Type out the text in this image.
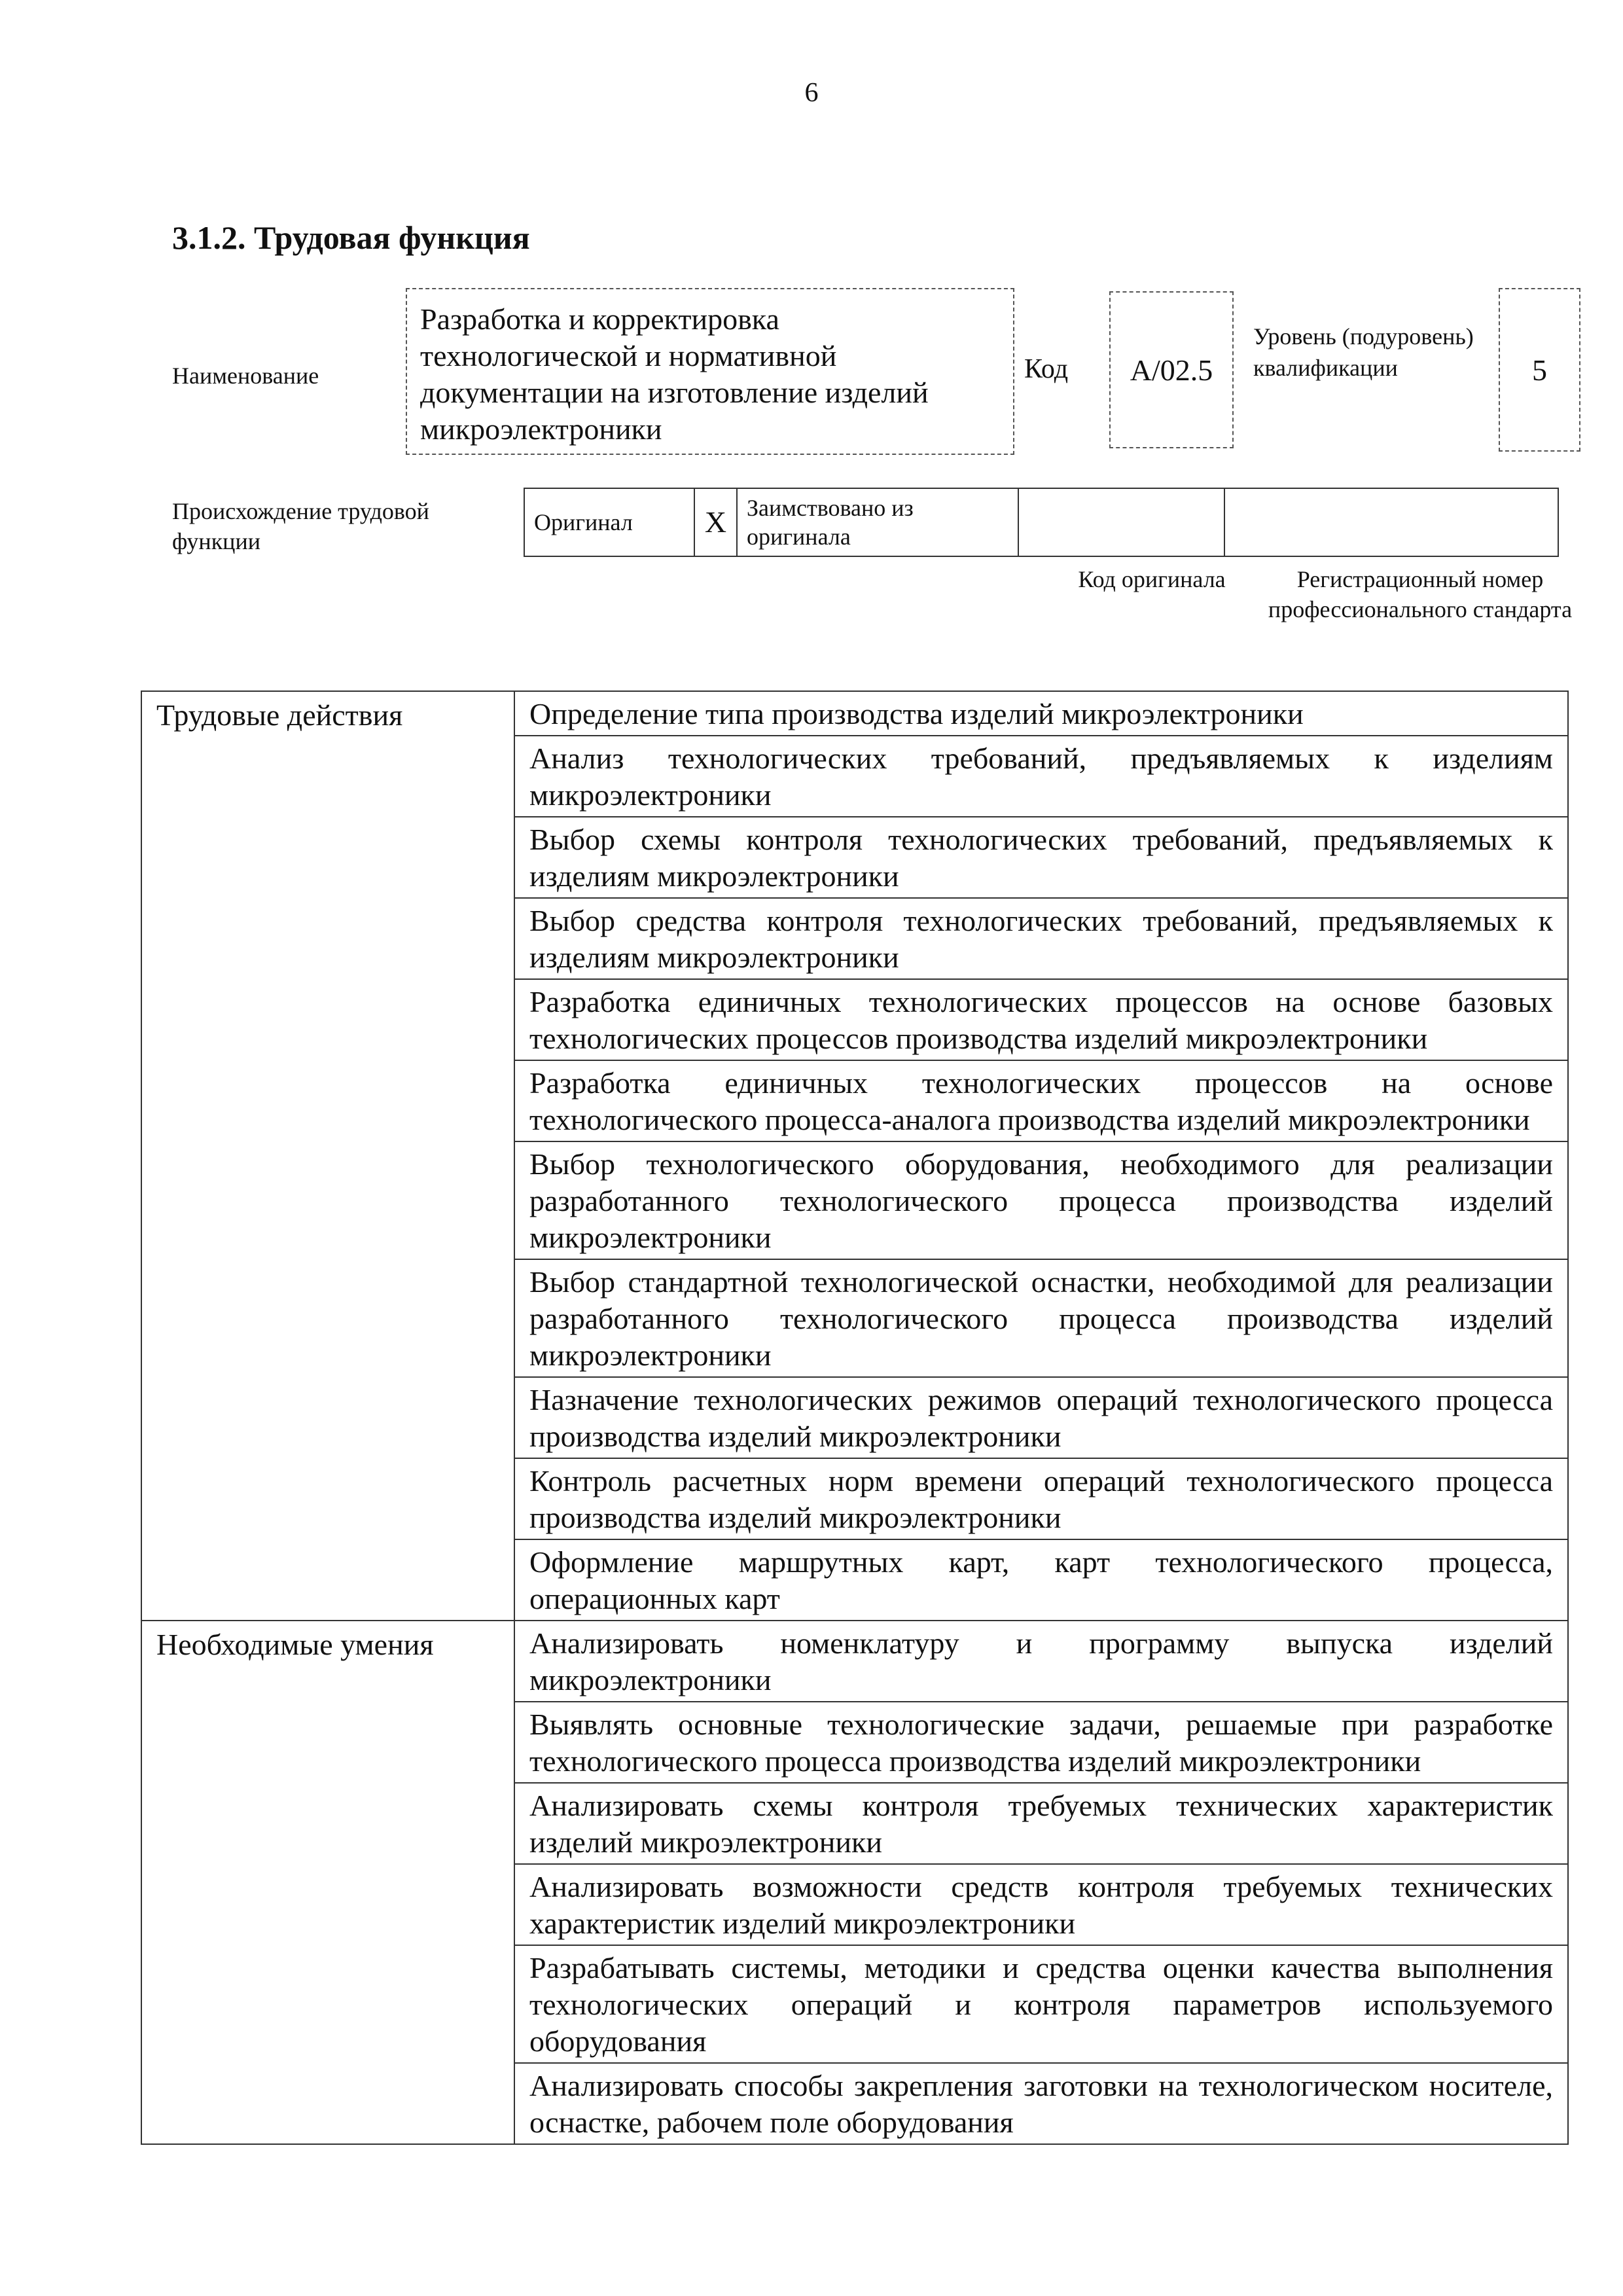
6
3.1.2. Трудовая функция
Наименование
Разработка и корректировка технологической и нормативной документации на изготовление изделий микроэлектроники
Код	A/02.5
Уровень (подуровень) квалификации	5
Происхождение трудовой функции
Оригинал	X	Заимствовано из оригинала		
Код оригинала	Регистрационный номер профессионального стандарта
Трудовые действия	Определение типа производства изделий микроэлектроники
	Анализ технологических требований, предъявляемых к изделиям микроэлектроники
	Выбор схемы контроля технологических требований, предъявляемых к изделиям микроэлектроники
	Выбор средства контроля технологических требований, предъявляемых к изделиям микроэлектроники
	Разработка единичных технологических процессов на основе базовых технологических процессов производства изделий микроэлектроники
	Разработка единичных технологических процессов на основе технологического процесса-аналога производства изделий микроэлектроники
	Выбор технологического оборудования, необходимого для реализации разработанного технологического процесса производства изделий микроэлектроники
	Выбор стандартной технологической оснастки, необходимой для реализации разработанного технологического процесса производства изделий микроэлектроники
	Назначение технологических режимов операций технологического процесса производства изделий микроэлектроники
	Контроль расчетных норм времени операций технологического процесса производства изделий микроэлектроники
	Оформление маршрутных карт, карт технологического процесса, операционных карт
Необходимые умения	Анализировать номенклатуру и программу выпуска изделий микроэлектроники
	Выявлять основные технологические задачи, решаемые при разработке технологического процесса производства изделий микроэлектроники
	Анализировать схемы контроля требуемых технических характеристик изделий микроэлектроники
	Анализировать возможности средств контроля требуемых технических характеристик изделий микроэлектроники
	Разрабатывать системы, методики и средства оценки качества выполнения технологических операций и контроля параметров используемого оборудования
	Анализировать способы закрепления заготовки на технологическом носителе, оснастке, рабочем поле оборудования
